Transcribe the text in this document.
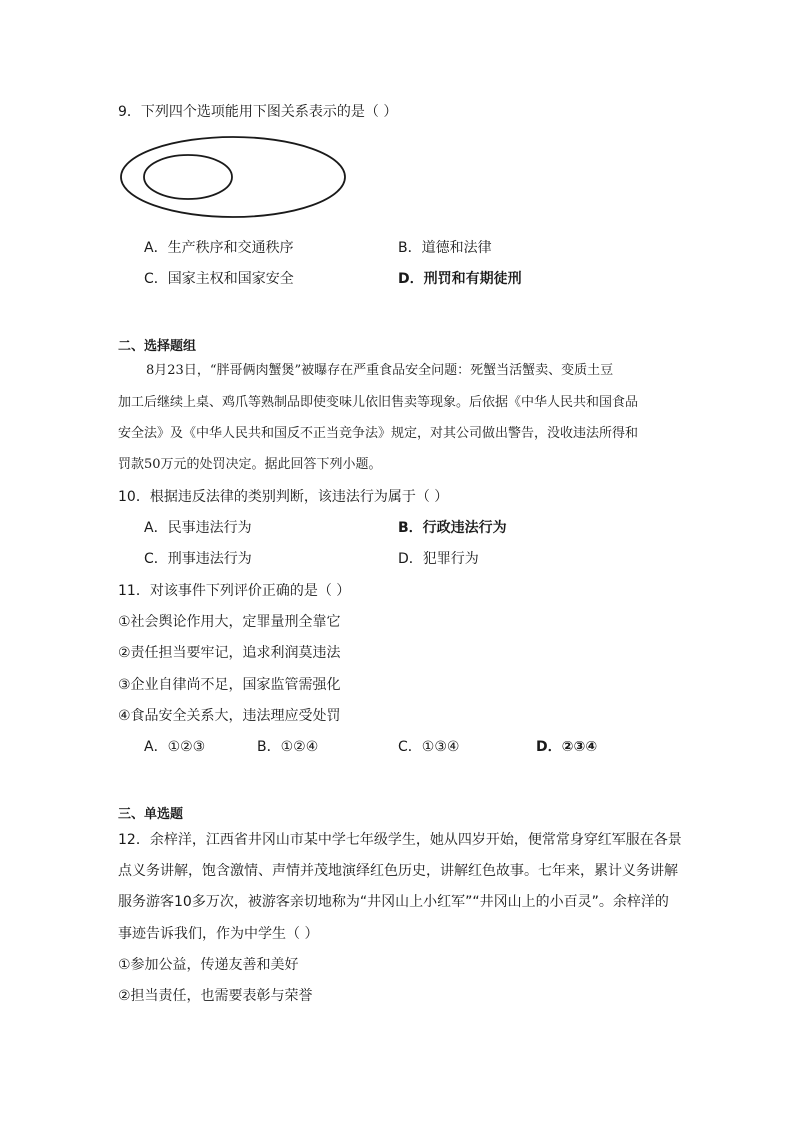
9．下列四个选项能用下图关系表示的是（ ）
A．生产秩序和交通秩序	B．道德和法律
C．国家主权和国家安全	D．刑罚和有期徒刑
二、选择题组
8月23日，“胖哥俩肉蟹煲”被曝存在严重食品安全问题：死蟹当活蟹卖、变质土豆
加工后继续上桌、鸡爪等熟制品即使变味儿依旧售卖等现象。后依据《中华人民共和国食品
安全法》及《中华人民共和国反不正当竞争法》规定，对其公司做出警告，没收违法所得和
罚款50万元的处罚决定。据此回答下列小题。
10．根据违反法律的类别判断，该违法行为属于（ ）
A．民事违法行为	B．行政违法行为
C．刑事违法行为	D．犯罪行为
11．对该事件下列评价正确的是（ ）
①社会舆论作用大，定罪量刑全靠它
②责任担当要牢记，追求利润莫违法
③企业自律尚不足，国家监管需强化
④食品安全关系大，违法理应受处罚
A．①②③	B．①②④	C．①③④	D．②③④
三、单选题
12．余梓洋，江西省井冈山市某中学七年级学生，她从四岁开始，便常常身穿红军服在各景
点义务讲解，饱含激情、声情并茂地演绎红色历史，讲解红色故事。七年来，累计义务讲解
服务游客10多万次，被游客亲切地称为“井冈山上小红军”“井冈山上的小百灵”。余梓洋的
事迹告诉我们，作为中学生（ ）
①参加公益，传递友善和美好
②担当责任，也需要表彰与荣誉
